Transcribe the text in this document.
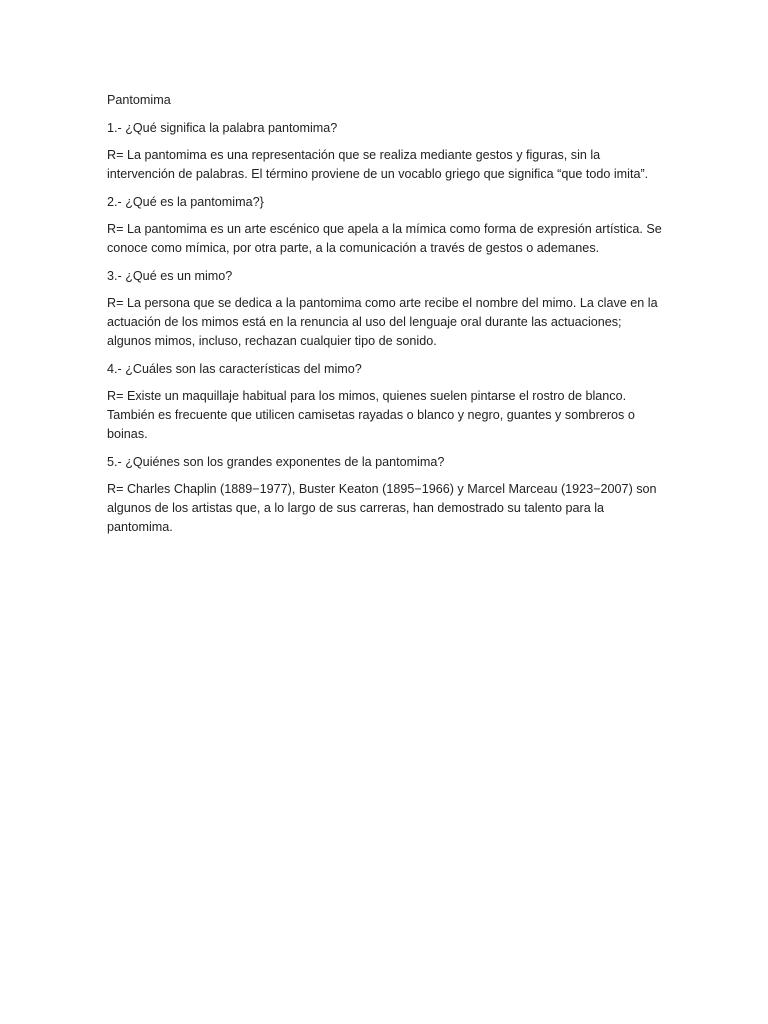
Pantomima

1.- ¿Qué significa la palabra pantomima?

R= La pantomima es una representación que se realiza mediante gestos y figuras, sin la intervención de palabras. El término proviene de un vocablo griego que significa “que todo imita”.

2.- ¿Qué es la pantomima?}

R= La pantomima es un arte escénico que apela a la mímica como forma de expresión artística. Se conoce como mímica, por otra parte, a la comunicación a través de gestos o ademanes.

3.- ¿Qué es un mimo?

R= La persona que se dedica a la pantomima como arte recibe el nombre del mimo. La clave en la actuación de los mimos está en la renuncia al uso del lenguaje oral durante las actuaciones; algunos mimos, incluso, rechazan cualquier tipo de sonido.

4.- ¿Cuáles son las características del mimo?

R= Existe un maquillaje habitual para los mimos, quienes suelen pintarse el rostro de blanco. También es frecuente que utilicen camisetas rayadas o blanco y negro, guantes y sombreros o boinas.

5.- ¿Quiénes son los grandes exponentes de la pantomima?

R= Charles Chaplin (1889−1977), Buster Keaton (1895−1966) y Marcel Marceau (1923−2007) son algunos de los artistas que, a lo largo de sus carreras, han demostrado su talento para la pantomima.
